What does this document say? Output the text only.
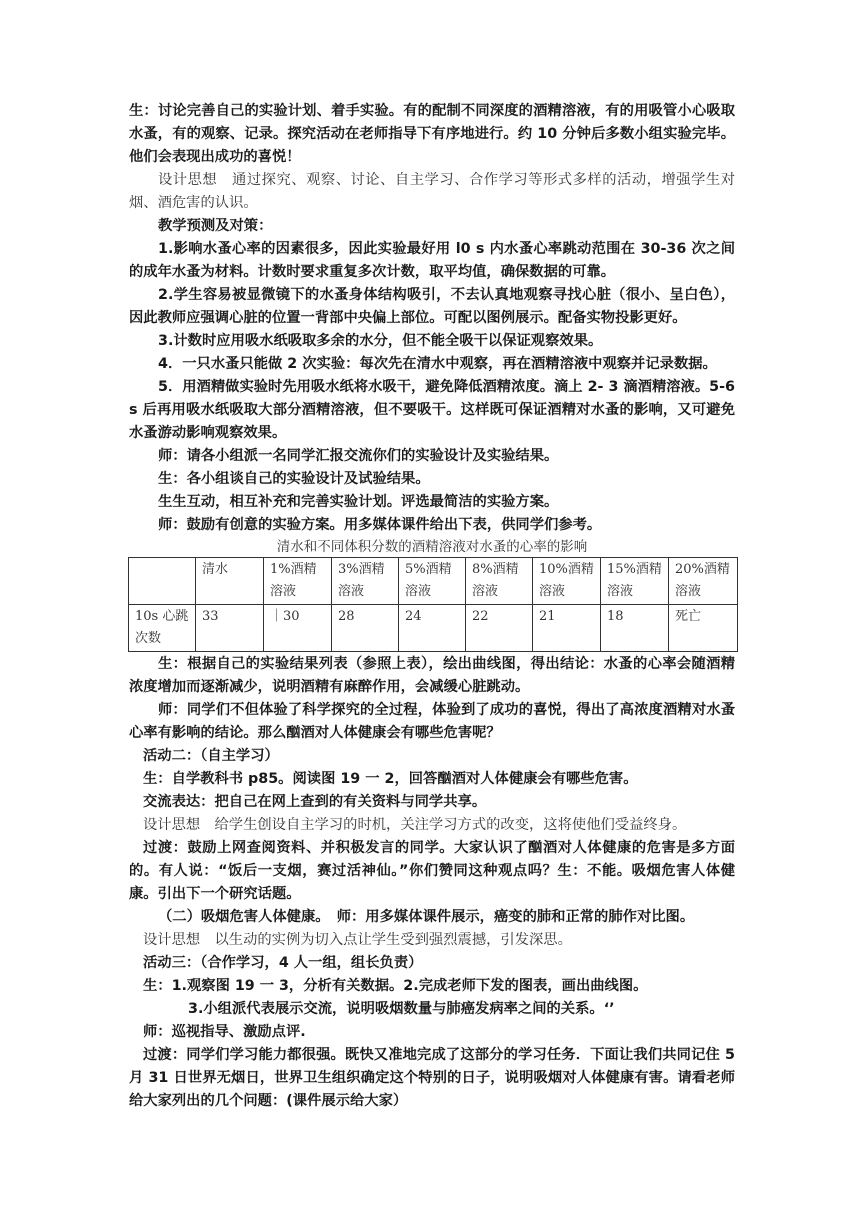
生：讨论完善自己的实验计划、着手实验。有的配制不同深度的酒精溶液，有的用吸管小心吸取水蚤，有的观察、记录。探究活动在老师指导下有序地进行。约 10 分钟后多数小组实验完毕。他们会表现出成功的喜悦！

设计思想　通过探究、观察、讨论、自主学习、合作学习等形式多样的活动，增强学生对烟、酒危害的认识。

教学预测及对策：

1.影响水蚤心率的因素很多，因此实验最好用 l0 s 内水蚤心率跳动范围在 30-36 次之间的成年水蚤为材料。计数时要求重复多次计数，取平均值，确保数据的可靠。

2.学生容易被显微镜下的水蚤身体结构吸引，不去认真地观察寻找心脏（很小、呈白色），因此教师应强调心脏的位置一背部中央偏上部位。可配以图例展示。配备实物投影更好。

3.计数时应用吸水纸吸取多余的水分，但不能全吸干以保证观察效果。

4．一只水蚤只能做 2 次实验：每次先在清水中观察，再在酒精溶液中观察并记录数据。

5．用酒精做实验时先用吸水纸将水吸干，避免降低酒精浓度。滴上 2- 3 滴酒精溶液。5-6s 后再用吸水纸吸取大部分酒精溶液，但不要吸干。这样既可保证酒精对水蚤的影响，又可避免水蚤游动影响观察效果。

师：请各小组派一名同学汇报交流你们的实验设计及实验结果。

生：各小组谈自己的实验设计及试验结果。

生生互动，相互补充和完善实验计划。评选最简洁的实验方案。

师：鼓励有创意的实验方案。用多媒体课件给出下表，供同学们参考。

清水和不同体积分数的酒精溶液对水蚤的心率的影响

	清水	1%酒精溶液	3%酒精溶液	5%酒精溶液	8%酒精溶液	10%酒精溶液	15%酒精溶液	20%酒精溶液
10s 心跳次数	33	｜30	28	24	22	21	18	死亡

生：根据自己的实验结果列表（参照上表），绘出曲线图，得出结论：水蚤的心率会随酒精浓度增加而逐渐减少，说明酒精有麻醉作用，会减缓心脏跳动。

师：同学们不但体验了科学探究的全过程，体验到了成功的喜悦，得出了高浓度酒精对水蚤心率有影响的结论。那么酗酒对人体健康会有哪些危害呢？

活动二：（自主学习）

生：自学教科书 p85。阅读图 19 一 2，回答酗酒对人体健康会有哪些危害。

交流表达：把自己在网上查到的有关资料与同学共享。

设计思想　给学生创设自主学习的时机，关注学习方式的改变，这将使他们受益终身。

过渡：鼓励上网查阅资料、并积极发言的同学。大家认识了酗酒对人体健康的危害是多方面的。有人说：“饭后一支烟，赛过活神仙。”你们赞同这种观点吗？生：不能。吸烟危害人体健康。引出下一个研究话题。

（二）吸烟危害人体健康。　师：用多媒体课件展示，癌变的肺和正常的肺作对比图。

设计思想　以生动的实例为切入点让学生受到强烈震撼，引发深思。

活动三：（合作学习，4 人一组，组长负责）

生：1.观察图 19 一 3，分析有关数据。2.完成老师下发的图表，画出曲线图。

3.小组派代表展示交流，说明吸烟数量与肺癌发病率之间的关系。‘’

师：巡视指导、激励点评.

过渡：同学们学习能力都很强。既快又准地完成了这部分的学习任务．下面让我们共同记住 5 月 31 日世界无烟日，世界卫生组织确定这个特别的日子，说明吸烟对人体健康有害。请看老师给大家列出的几个问题：(课件展示给大家）
